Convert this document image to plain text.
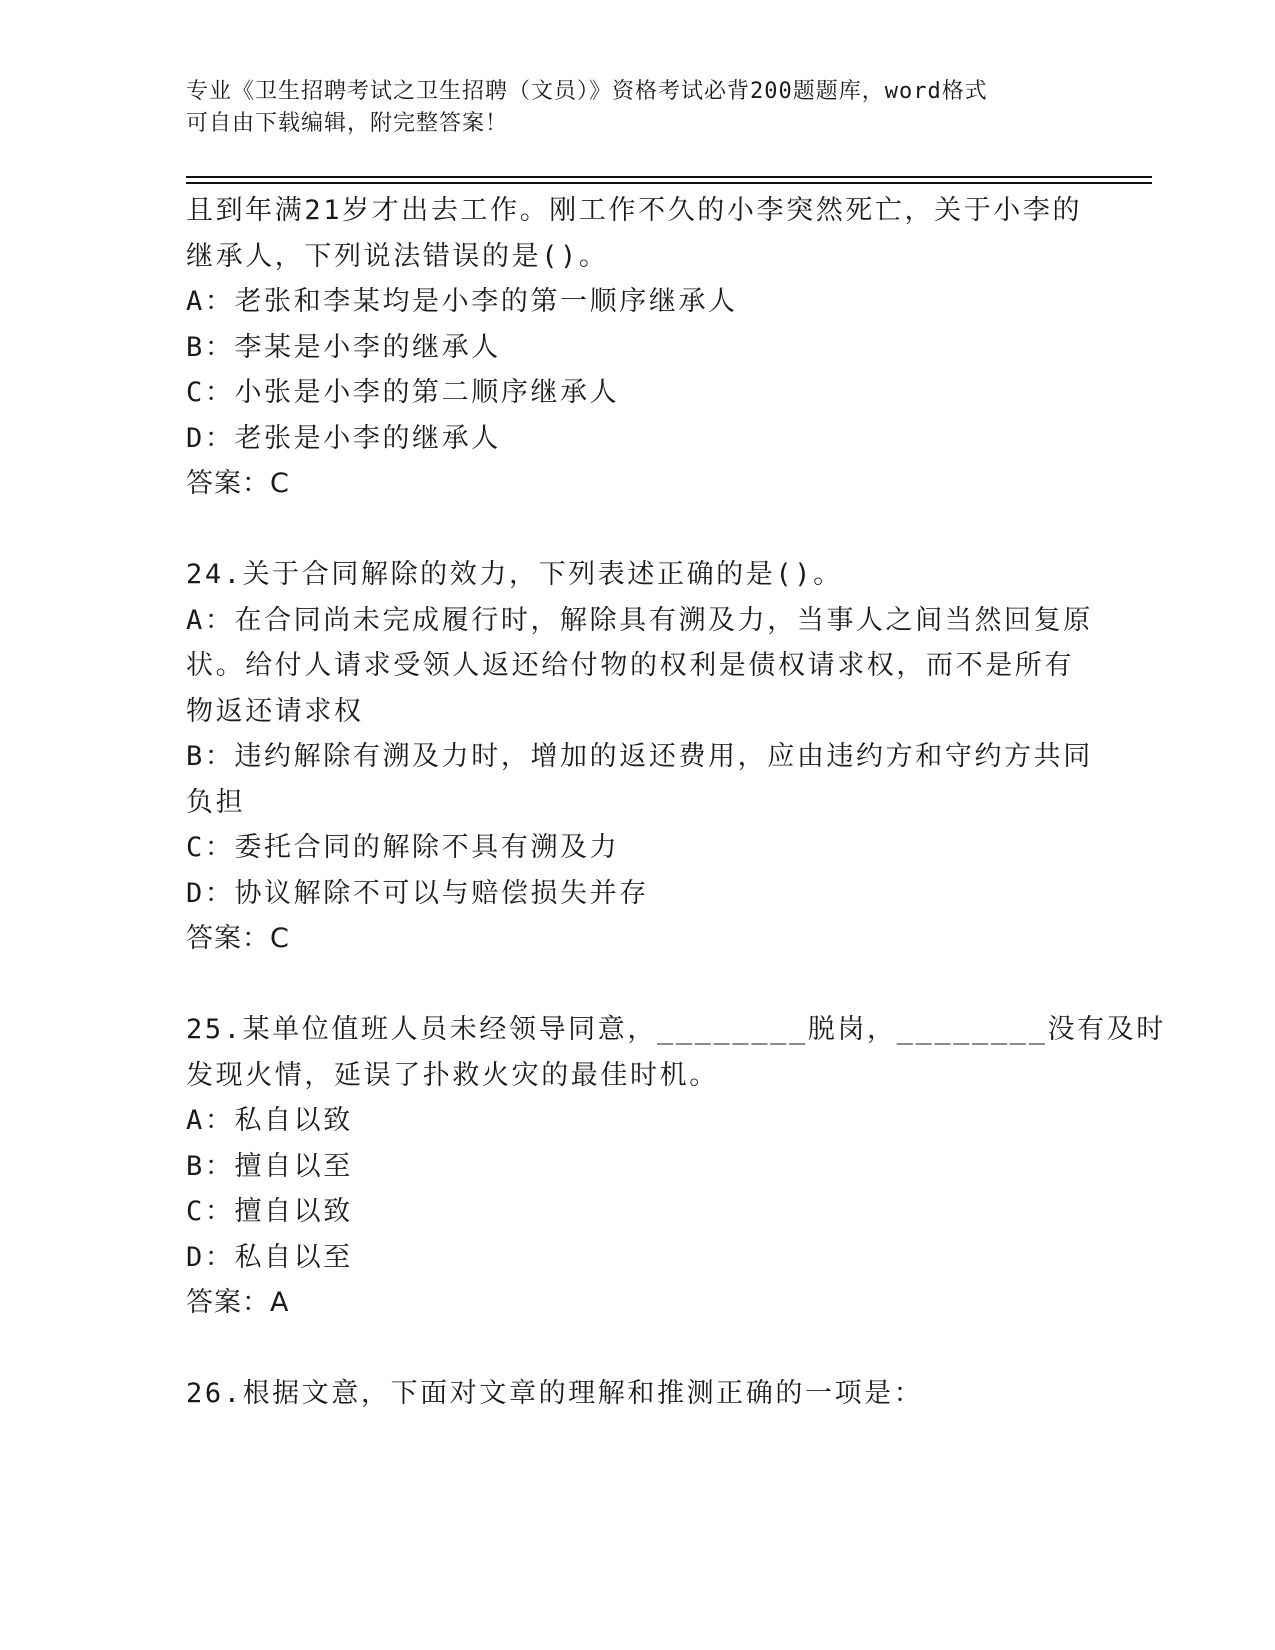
专业《卫生招聘考试之卫生招聘（文员）》资格考试必背200题题库，word格式
可自由下载编辑，附完整答案！
且到年满21岁才出去工作。刚工作不久的小李突然死亡，关于小李的
继承人，下列说法错误的是()。
A：老张和李某均是小李的第一顺序继承人
B：李某是小李的继承人
C：小张是小李的第二顺序继承人
D：老张是小李的继承人
答案：C
24.关于合同解除的效力，下列表述正确的是()。
A：在合同尚未完成履行时，解除具有溯及力，当事人之间当然回复原
状。给付人请求受领人返还给付物的权利是债权请求权，而不是所有
物返还请求权
B：违约解除有溯及力时，增加的返还费用，应由违约方和守约方共同
负担
C：委托合同的解除不具有溯及力
D：协议解除不可以与赔偿损失并存
答案：C
25.某单位值班人员未经领导同意，________脱岗，________没有及时
发现火情，延误了扑救火灾的最佳时机。
A：私自以致
B：擅自以至
C：擅自以致
D：私自以至
答案：A
26.根据文意，下面对文章的理解和推测正确的一项是：
